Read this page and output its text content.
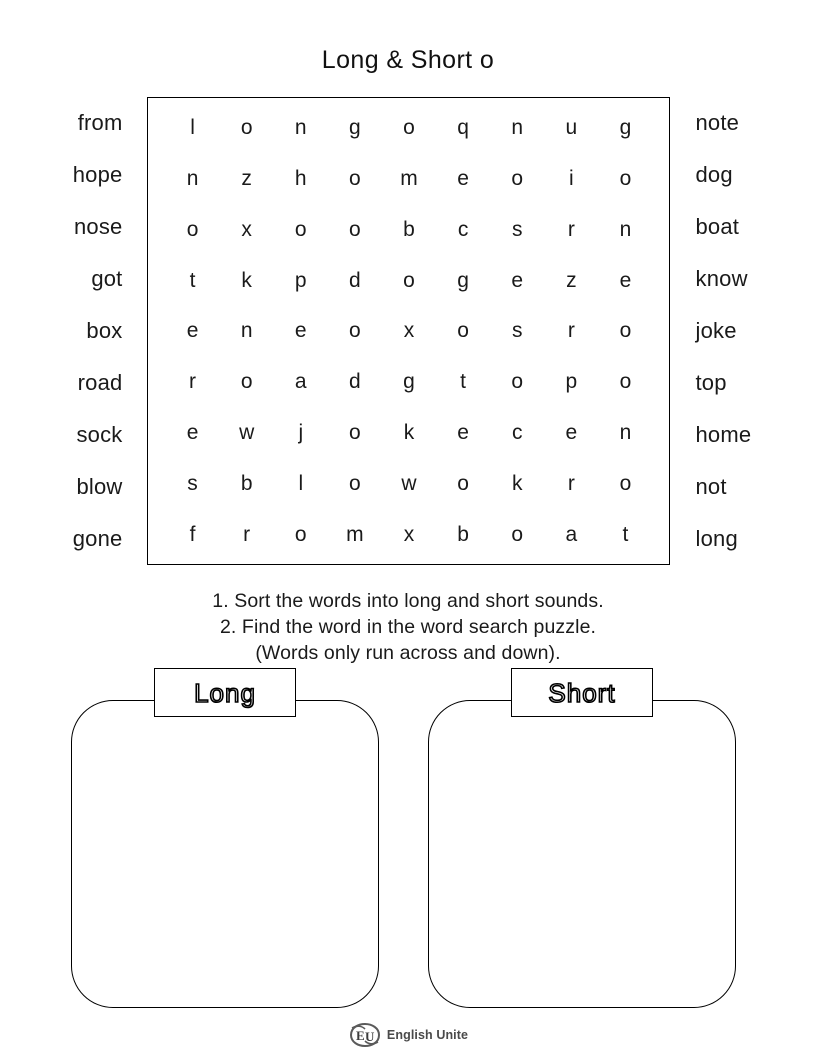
Long & Short o
from
hope
nose
got
box
road
sock
blow
gone
l	o	n	g	o	q	n	u	g
n	z	h	o	m	e	o	i	o
o	x	o	o	b	c	s	r	n
t	k	p	d	o	g	e	z	e
e	n	e	o	x	o	s	r	o
r	o	a	d	g	t	o	p	o
e	w	j	o	k	e	c	e	n
s	b	l	o	w	o	k	r	o
f	r	o	m	x	b	o	a	t
note
dog
boat
know
joke
top
home
not
long
1. Sort the words into long and short sounds.
2. Find the word in the word search puzzle.
(Words only run across and down).
Long	Short
E U English Unite
